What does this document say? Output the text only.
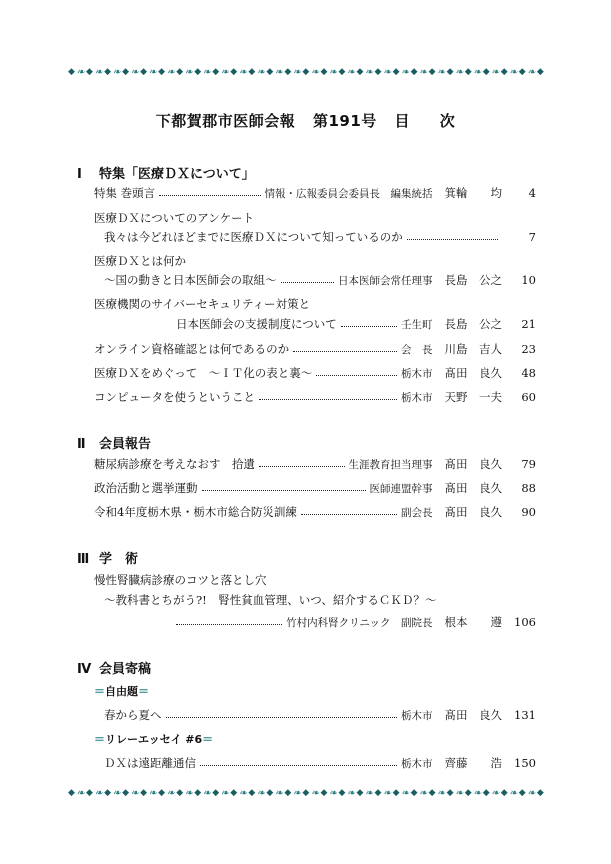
◆ ❧ ◆ ❧ ◆ ❧ ◆ ❧ ◆ ❧ ◆ ❧ ◆ ❧ ◆ ❧ ◆ ❧ ◆ ❧ ◆ ❧ ◆ ❧ ◆ ❧ ◆ ❧ ◆ ❧ ◆ ❧ ◆ ❧ ◆ ❧ ◆ ❧ ◆ ❧ ◆ ❧ ◆ ❧ ◆ ❧ ◆ ❧ ◆ ❧ ◆ ❧ ◆
下都賀郡市医師会報 第191号 目 次
Ⅰ 特集「医療ＤＸについて」
特集 巻頭言	情報・広報委員会委員長　編集統括 箕輪　　均	4
医療ＤＸについてのアンケート
我々は今どれほどまでに医療ＤＸについて知っているのか	7
医療ＤＸとは何か
～国の動きと日本医師会の取組～	日本医師会常任理事 長島　公之	10
医療機関のサイバーセキュリティー対策と
日本医師会の支援制度について	壬生町 長島　公之	21
オンライン資格確認とは何であるのか	会　長 川島　吉人	23
医療ＤＸをめぐって　～ＩＴ化の表と裏～	栃木市 髙田　良久	48
コンピュータを使うということ	栃木市 天野　一夫	60
Ⅱ 会員報告
糖尿病診療を考えなおす　拾遺	生涯教育担当理事 髙田　良久	79
政治活動と選挙運動	医師連盟幹事 髙田　良久	88
令和4年度栃木県・栃木市総合防災訓練	副会長 髙田　良久	90
Ⅲ 学　術
慢性腎臓病診療のコツと落とし穴
～教科書とちがう?!　腎性貧血管理、いつ、紹介するＣＫＤ？～
竹村内科腎クリニック　副院長 根本　　遵	106
Ⅳ 会員寄稿
＝自由題＝
春から夏へ	栃木市 髙田　良久	131
＝リレーエッセイ #6＝
ＤＸは遠距離通信	栃木市 齊藤　　浩	150
◆ ❧ ◆ ❧ ◆ ❧ ◆ ❧ ◆ ❧ ◆ ❧ ◆ ❧ ◆ ❧ ◆ ❧ ◆ ❧ ◆ ❧ ◆ ❧ ◆ ❧ ◆ ❧ ◆ ❧ ◆ ❧ ◆ ❧ ◆ ❧ ◆ ❧ ◆ ❧ ◆ ❧ ◆ ❧ ◆ ❧ ◆ ❧ ◆ ❧ ◆ ❧ ◆
